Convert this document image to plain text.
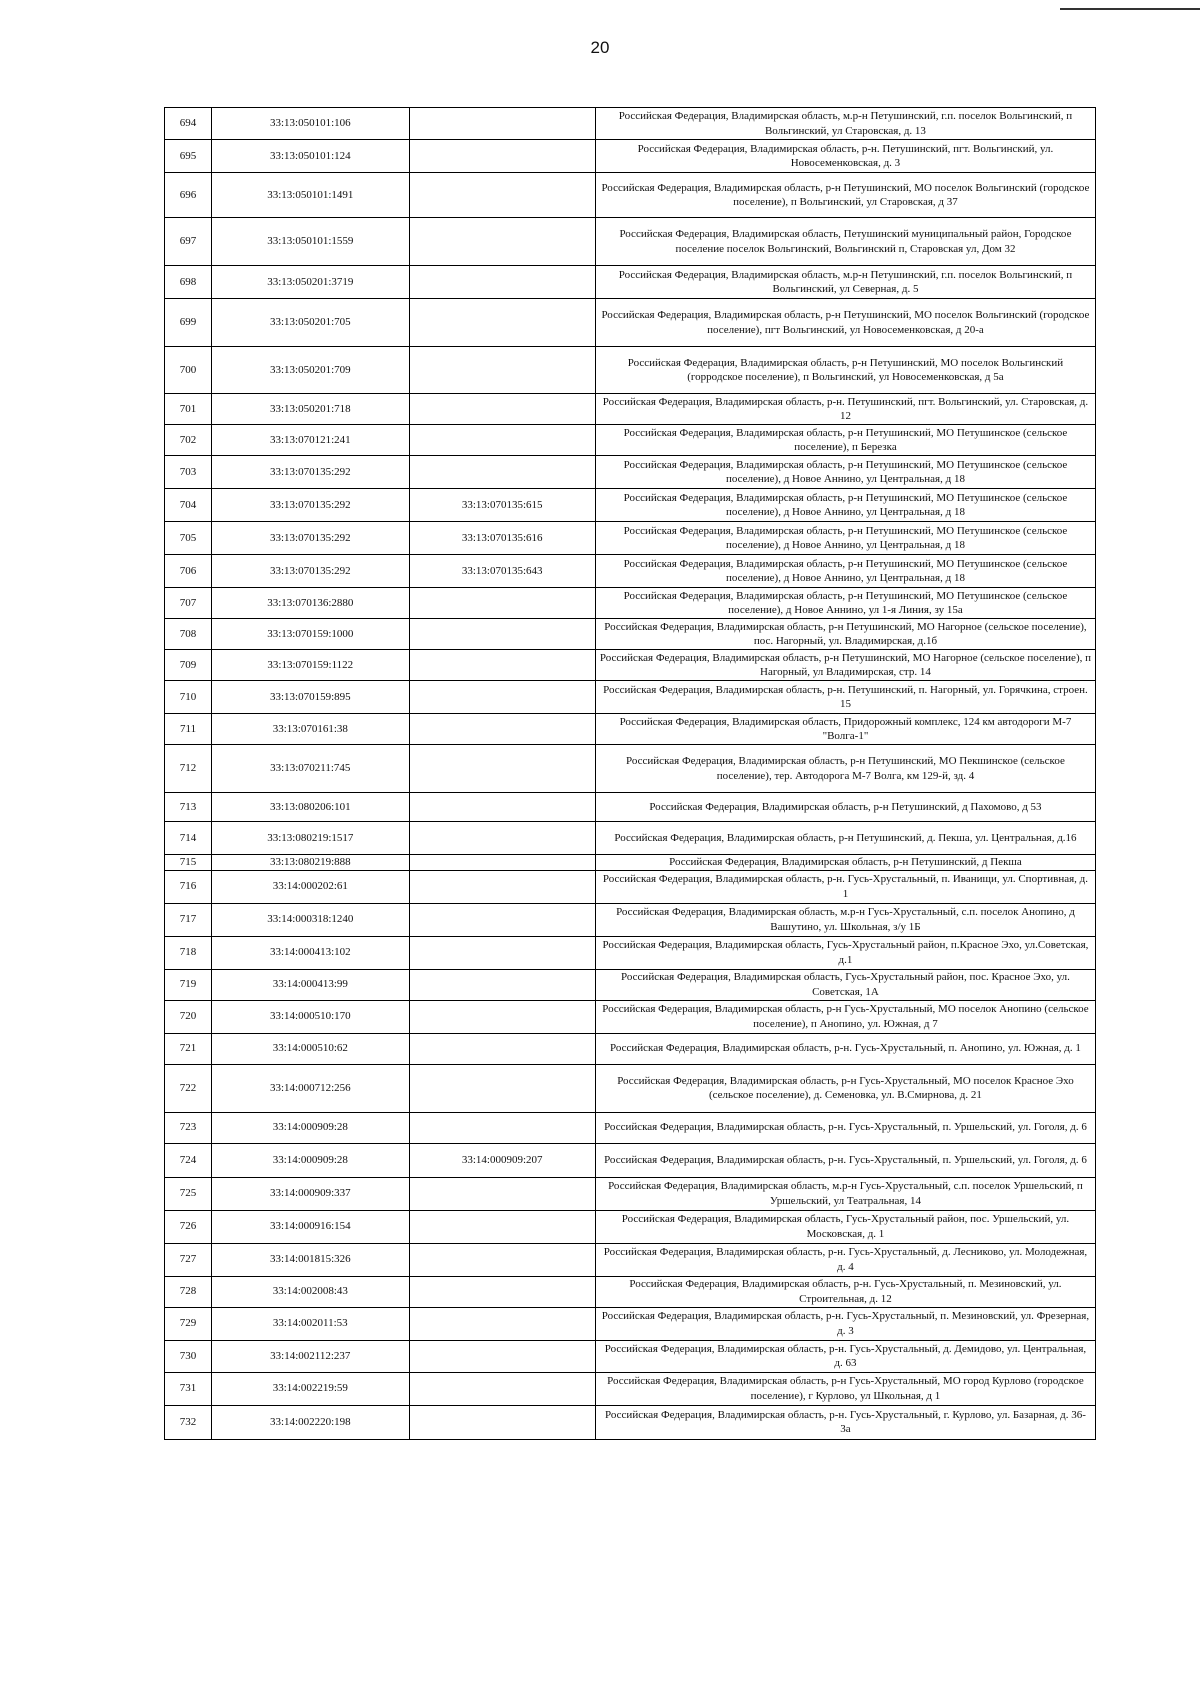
20
694	33:13:050101:106		Российская Федерация, Владимирская область, м.р-н Петушинский, г.п. поселок Вольгинский, п Вольгинский, ул Старовская, д. 13
695	33:13:050101:124		Российская Федерация, Владимирская область, р-н. Петушинский, пгт. Вольгинский, ул. Новосеменковская, д. 3
696	33:13:050101:1491		Российская Федерация, Владимирская область, р-н Петушинский, МО поселок Вольгинский (городское поселение), п Вольгинский, ул Старовская, д 37
697	33:13:050101:1559		Российская Федерация, Владимирская область, Петушинский муниципальный район, Городское поселение поселок Вольгинский, Вольгинский п, Старовская ул, Дом 32
698	33:13:050201:3719		Российская Федерация, Владимирская область, м.р-н Петушинский, г.п. поселок Вольгинский, п Вольгинский, ул Северная, д. 5
699	33:13:050201:705		Российская Федерация, Владимирская область, р-н Петушинский, МО поселок Вольгинский (городское поселение), пгт Вольгинский, ул Новосеменковская, д 20-а
700	33:13:050201:709		Российская Федерация, Владимирская область, р-н Петушинский, МО поселок Вольгинский (горродское поселение), п Вольгинский, ул Новосеменковская, д 5а
701	33:13:050201:718		Российская Федерация, Владимирская область, р-н. Петушинский, пгт. Вольгинский, ул. Старовская, д. 12
702	33:13:070121:241		Российская Федерация, Владимирская область, р-н Петушинский, МО Петушинское (сельское поселение), п Березка
703	33:13:070135:292		Российская Федерация, Владимирская область, р-н Петушинский, МО Петушинское (сельское поселение), д Новое Аннино, ул Центральная, д 18
704	33:13:070135:292	33:13:070135:615	Российская Федерация, Владимирская область, р-н Петушинский, МО Петушинское (сельское поселение), д Новое Аннино, ул Центральная, д 18
705	33:13:070135:292	33:13:070135:616	Российская Федерация, Владимирская область, р-н Петушинский, МО Петушинское (сельское поселение), д Новое Аннино, ул Центральная, д 18
706	33:13:070135:292	33:13:070135:643	Российская Федерация, Владимирская область, р-н Петушинский, МО Петушинское (сельское поселение), д Новое Аннино, ул Центральная, д 18
707	33:13:070136:2880		Российская Федерация, Владимирская область, р-н Петушинский, МО Петушинское (сельское поселение), д Новое Аннино, ул 1-я Линия, зу 15а
708	33:13:070159:1000		Российская Федерация, Владимирская область, р-н Петушинский, МО Нагорное (сельское поселение), пос. Нагорный, ул. Владимирская, д.1б
709	33:13:070159:1122		Российская Федерация, Владимирская область, р-н Петушинский, МО Нагорное (сельское поселение), п Нагорный, ул Владимирская, стр. 14
710	33:13:070159:895		Российская Федерация, Владимирская область, р-н. Петушинский, п. Нагорный, ул. Горячкина, строен. 15
711	33:13:070161:38		Российская Федерация, Владимирская область, Придорожный комплекс, 124 км автодороги М-7 "Волга-1"
712	33:13:070211:745		Российская Федерация, Владимирская область, р-н Петушинский, МО Пекшинское (сельское поселение), тер. Автодорога М-7 Волга, км 129-й, зд. 4
713	33:13:080206:101		Российская Федерация, Владимирская область, р-н Петушинский, д Пахомово, д 53
714	33:13:080219:1517		Российская Федерация, Владимирская область, р-н Петушинский, д. Пекша, ул. Центральная, д.16
715	33:13:080219:888		Российская Федерация, Владимирская область, р-н Петушинский, д Пекша
716	33:14:000202:61		Российская Федерация, Владимирская область, р-н. Гусь-Хрустальный, п. Иванищи, ул. Спортивная, д. 1
717	33:14:000318:1240		Российская Федерация, Владимирская область, м.р-н Гусь-Хрустальный, с.п. поселок Анопино, д Вашутино, ул. Школьная, з/у 1Б
718	33:14:000413:102		Российская Федерация, Владимирская область, Гусь-Хрустальный район, п.Красное Эхо, ул.Советская, д.1
719	33:14:000413:99		Российская Федерация, Владимирская область, Гусь-Хрустальный район, пос. Красное Эхо, ул. Советская, 1А
720	33:14:000510:170		Российская Федерация, Владимирская область, р-н Гусь-Хрустальный, МО поселок Анопино (сельское поселение), п Анопино, ул. Южная, д 7
721	33:14:000510:62		Российская Федерация, Владимирская область, р-н. Гусь-Хрустальный, п. Анопино, ул. Южная, д. 1
722	33:14:000712:256		Российская Федерация, Владимирская область, р-н Гусь-Хрустальный, МО поселок Красное Эхо (сельское поселение), д. Семеновка, ул. В.Смирнова, д. 21
723	33:14:000909:28		Российская Федерация, Владимирская область, р-н. Гусь-Хрустальный, п. Уршельский, ул. Гоголя, д. 6
724	33:14:000909:28	33:14:000909:207	Российская Федерация, Владимирская область, р-н. Гусь-Хрустальный, п. Уршельский, ул. Гоголя, д. 6
725	33:14:000909:337		Российская Федерация, Владимирская область, м.р-н Гусь-Хрустальный, с.п. поселок Уршельский, п Уршельский, ул Театральная, 14
726	33:14:000916:154		Российская Федерация, Владимирская область, Гусь-Хрустальный район, пос. Уршельский, ул. Московская, д. 1
727	33:14:001815:326		Российская Федерация, Владимирская область, р-н. Гусь-Хрустальный, д. Лесниково, ул. Молодежная, д. 4
728	33:14:002008:43		Российская Федерация, Владимирская область, р-н. Гусь-Хрустальный, п. Мезиновский, ул. Строительная, д. 12
729	33:14:002011:53		Российская Федерация, Владимирская область, р-н. Гусь-Хрустальный, п. Мезиновский, ул. Фрезерная, д. 3
730	33:14:002112:237		Российская Федерация, Владимирская область, р-н. Гусь-Хрустальный, д. Демидово, ул. Центральная, д. 63
731	33:14:002219:59		Российская Федерация, Владимирская область, р-н Гусь-Хрустальный, МО город Курлово (городское поселение), г Курлово, ул Школьная, д 1
732	33:14:002220:198		Российская Федерация, Владимирская область, р-н. Гусь-Хрустальный, г. Курлово, ул. Базарная, д. 36-3а
